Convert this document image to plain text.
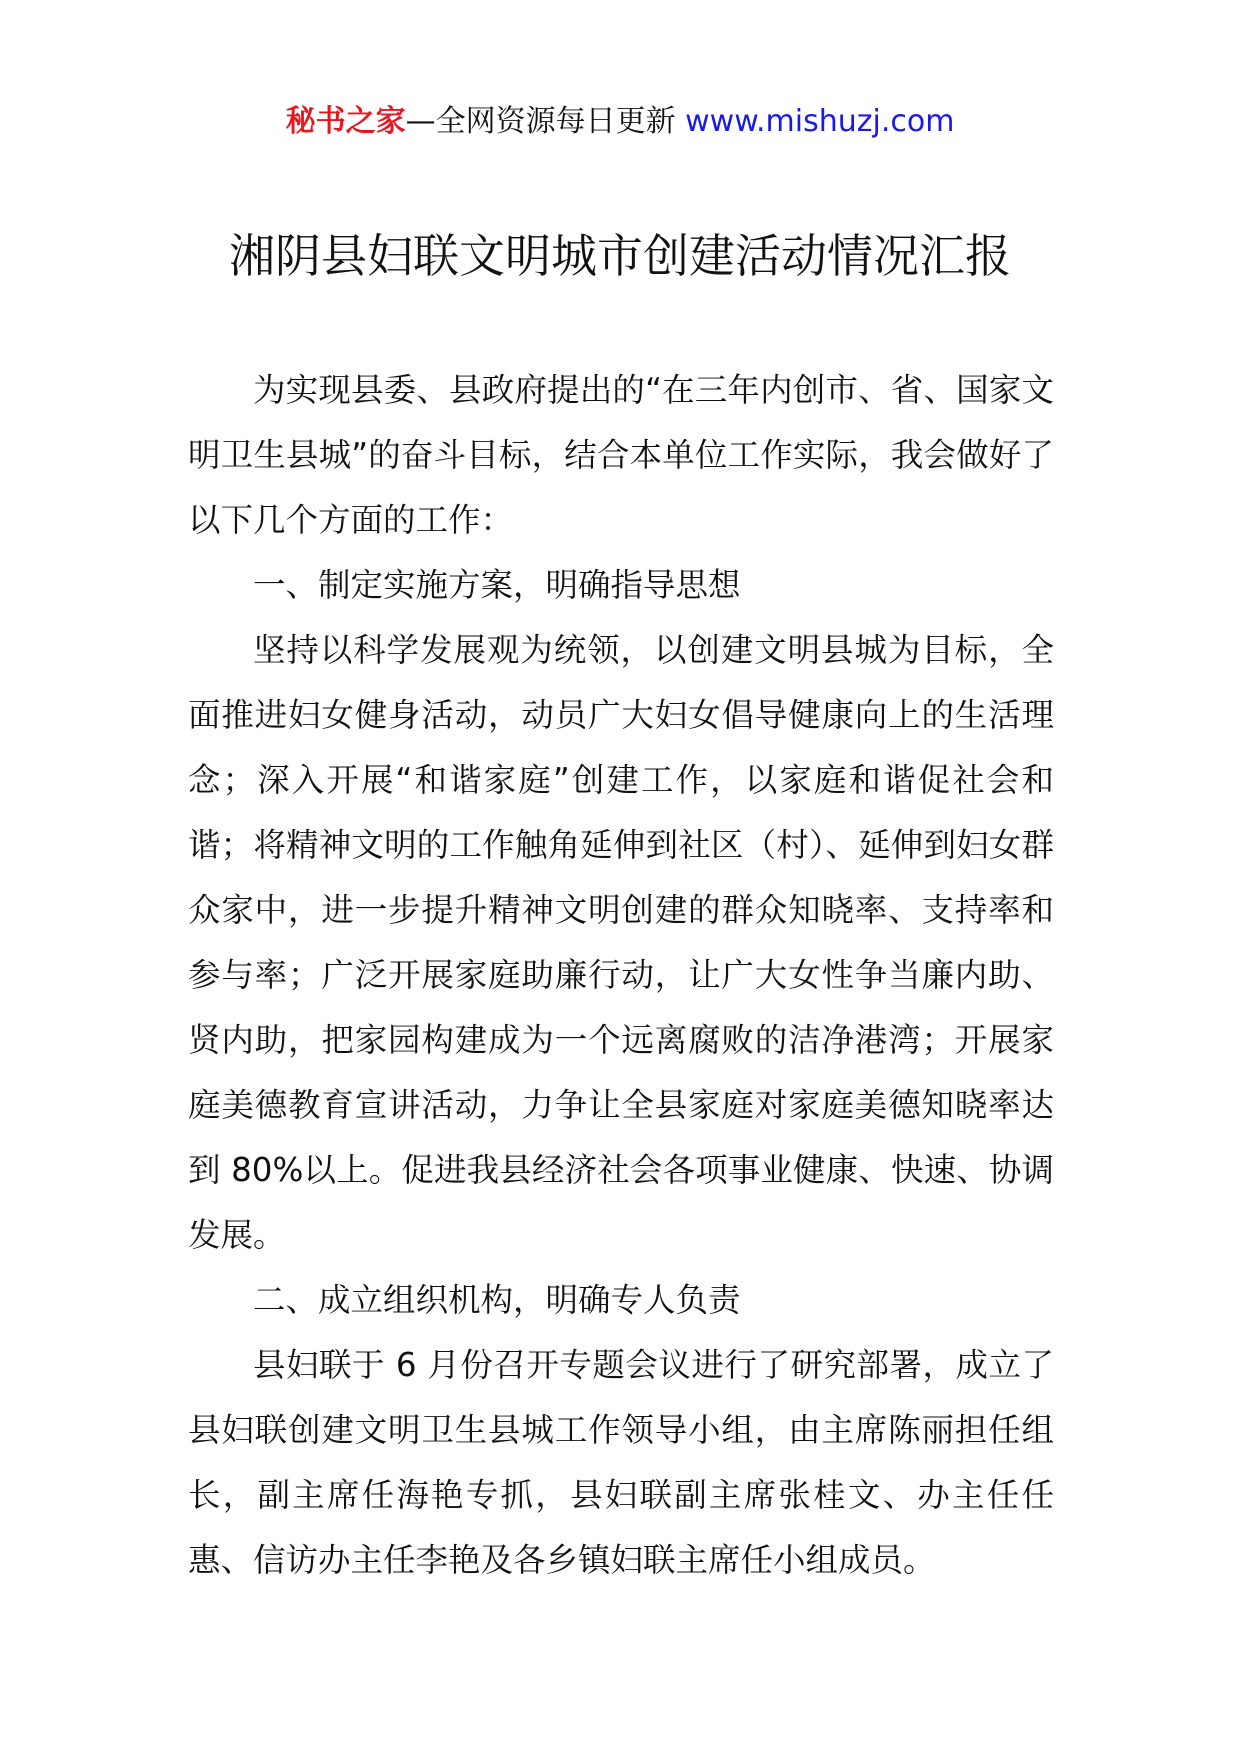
秘书之家—全网资源每日更新 www.mishuzj.com
湘阴县妇联文明城市创建活动情况汇报

为实现县委、县政府提出的“在三年内创市、省、国家文明卫生县城”的奋斗目标，结合本单位工作实际，我会做好了以下几个方面的工作：

一、制定实施方案，明确指导思想

坚持以科学发展观为统领，以创建文明县城为目标，全面推进妇女健身活动，动员广大妇女倡导健康向上的生活理念；深入开展“和谐家庭”创建工作，以家庭和谐促社会和谐；将精神文明的工作触角延伸到社区（村）、延伸到妇女群众家中，进一步提升精神文明创建的群众知晓率、支持率和参与率；广泛开展家庭助廉行动，让广大女性争当廉内助、贤内助，把家园构建成为一个远离腐败的洁净港湾；开展家庭美德教育宣讲活动，力争让全县家庭对家庭美德知晓率达到 80%以上。促进我县经济社会各项事业健康、快速、协调发展。

二、成立组织机构，明确专人负责

县妇联于 6 月份召开专题会议进行了研究部署，成立了县妇联创建文明卫生县城工作领导小组，由主席陈丽担任组长，副主席任海艳专抓，县妇联副主席张桂文、办主任任惠、信访办主任李艳及各乡镇妇联主席任小组成员。
